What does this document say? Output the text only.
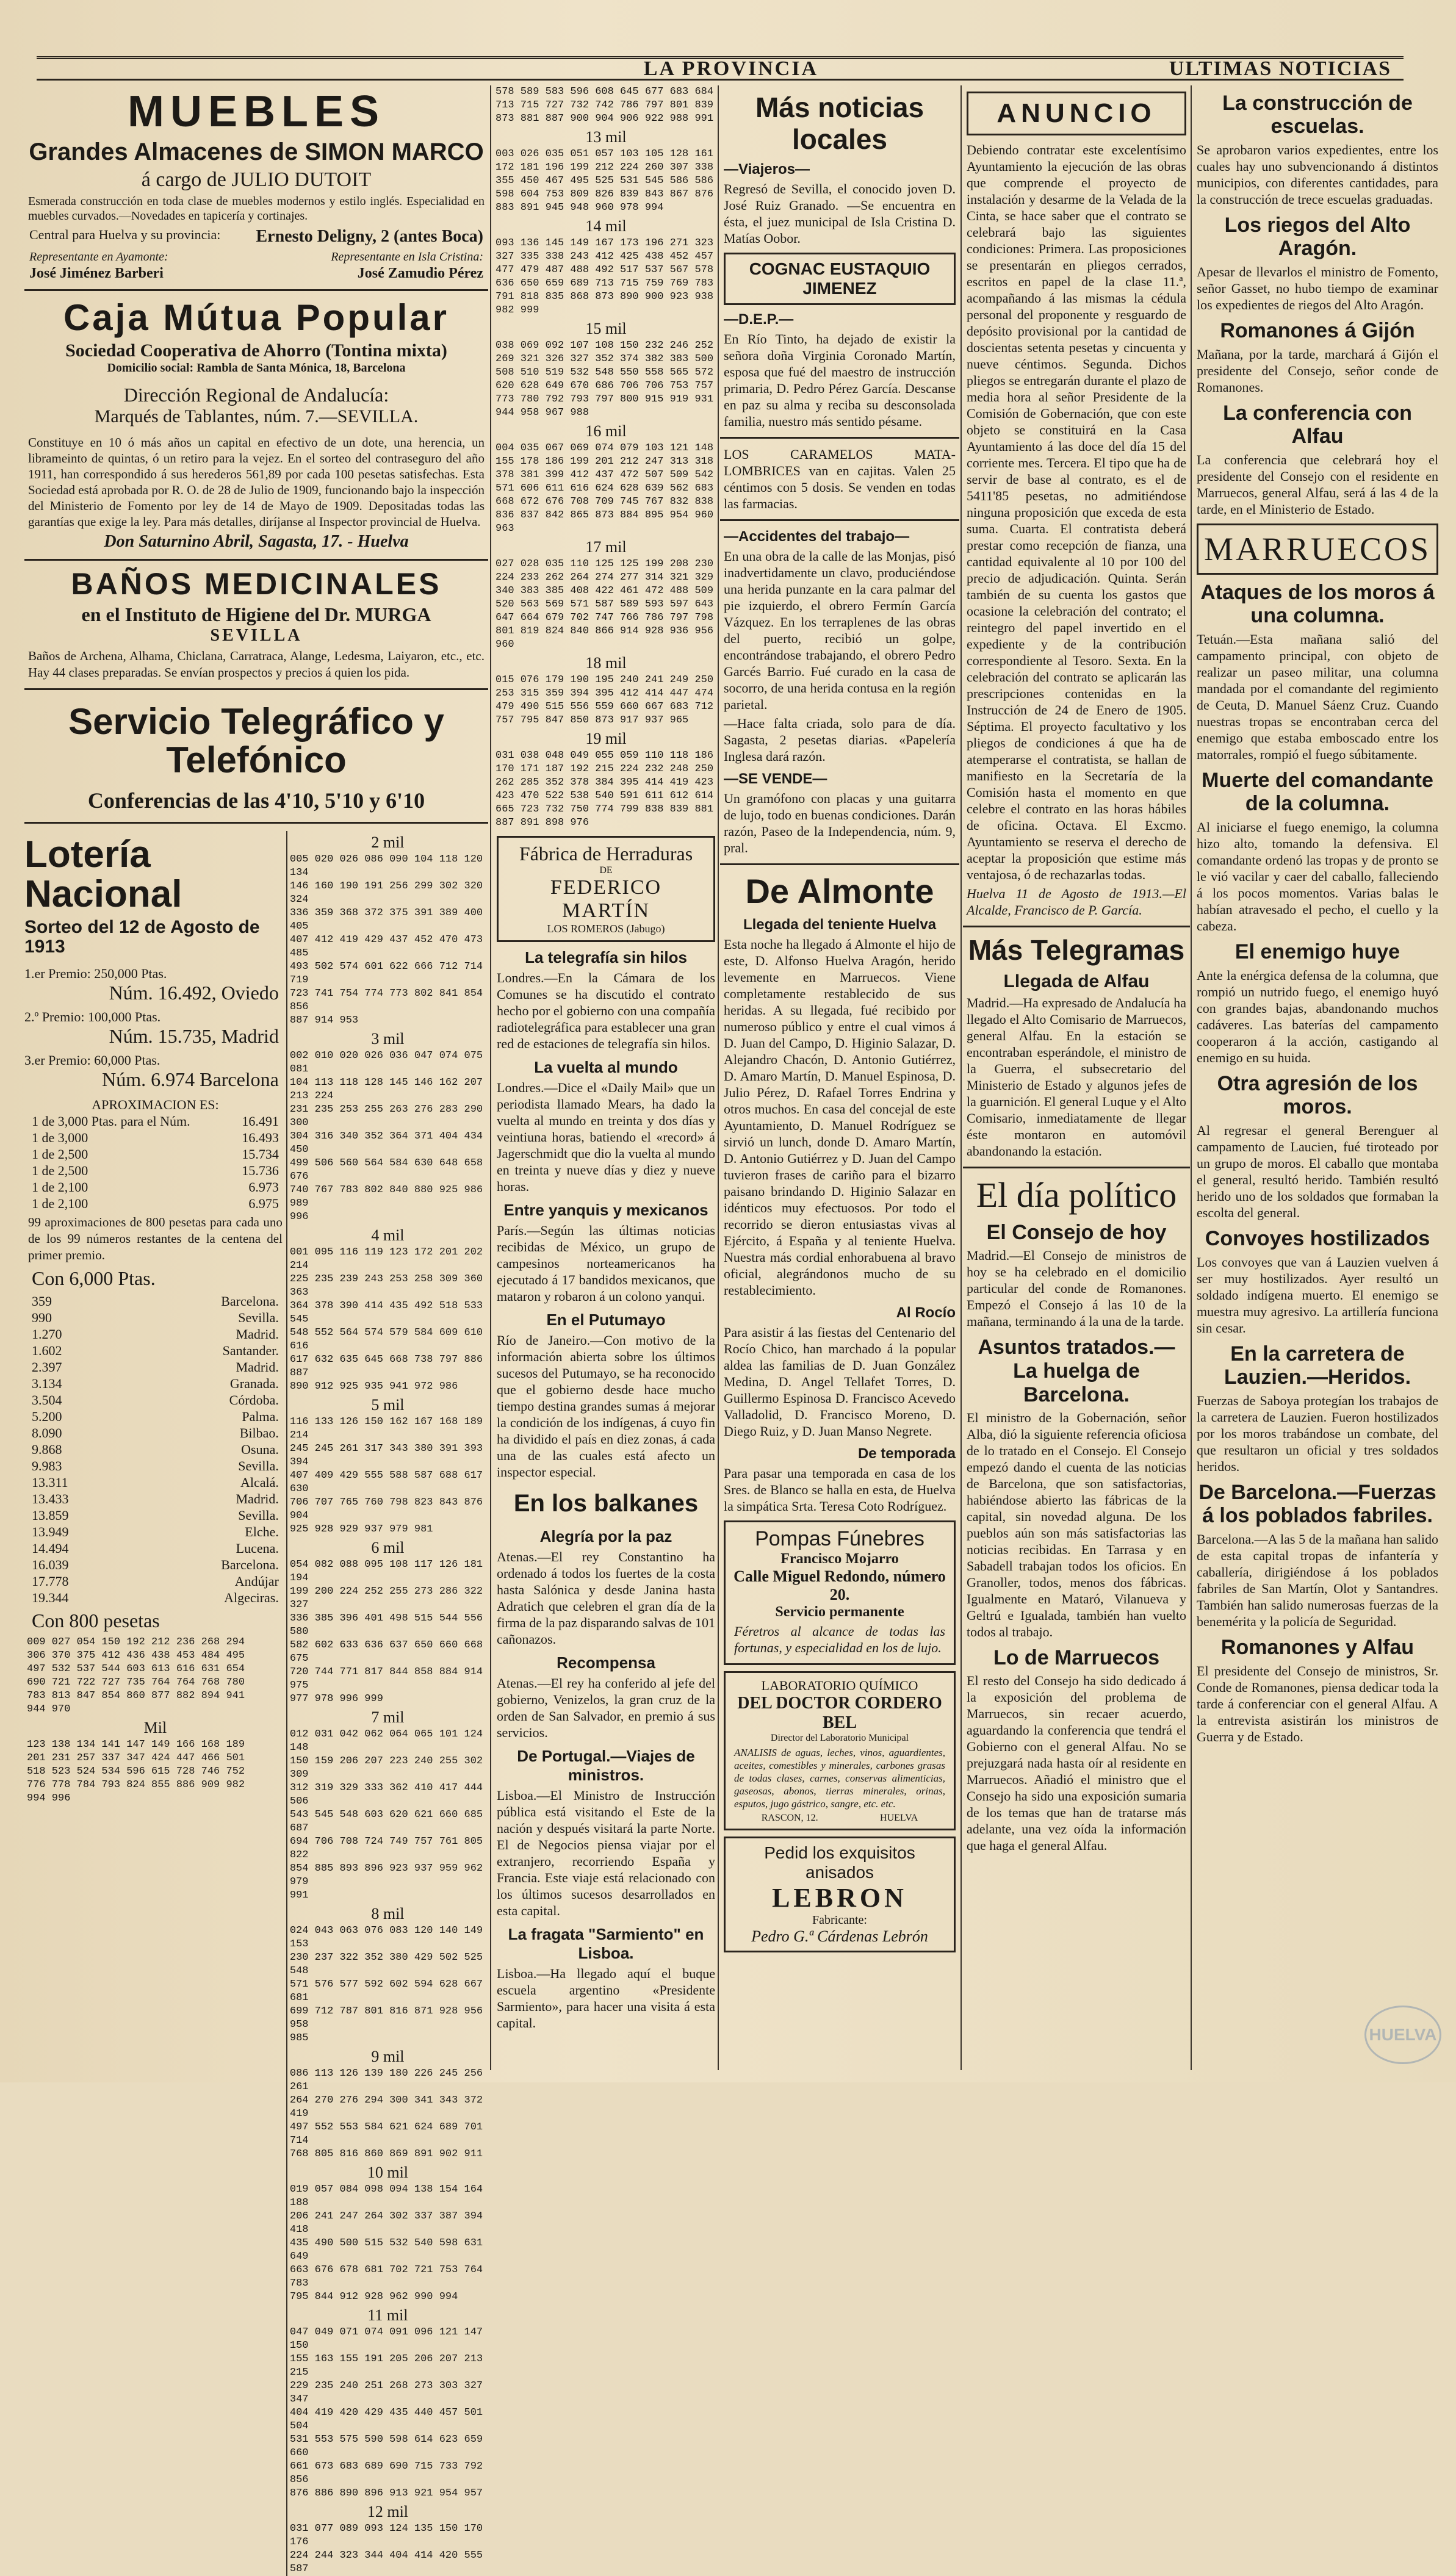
LA PROVINCIA	ULTIMAS NOTICIAS
MUEBLES
Grandes Almacenes de SIMON MARCO
á cargo de JULIO DUTOIT
Esmerada construcción en toda clase de muebles modernos y estilo inglés. Especialidad en muebles curvados.—Novedades en tapicería y cortinajes.
Central para Huelva y su provincia: Ernesto Deligny, 2 (antes Boca)
Representante en Ayamonte:	Representante en Isla Cristina:
José Jiménez Barberi	José Zamudio Pérez
Caja Mútua Popular
Sociedad Cooperativa de Ahorro (Tontina mixta)
Domicilio social: Rambla de Santa Mónica, 18, Barcelona
Dirección Regional de Andalucía:
Marqués de Tablantes, núm. 7.—SEVILLA.
Constituye en 10 ó más años un capital en efectivo de un dote, una herencia, un librameinto de quintas, ó un retiro para la vejez. En el sorteo del contraseguro del año 1911, han correspondido á sus herederos 561,89 por cada 100 pesetas satisfechas. Esta Sociedad está aprobada por R. O. de 28 de Julio de 1909, funcionando bajo la inspección del Ministerio de Fomento por ley de 14 de Mayo de 1909. Depositadas todas las garantías que exige la ley. Para más detalles, diríjanse al Inspector provincial de Huelva.
Don Saturnino Abril, Sagasta, 17. - Huelva
BAÑOS MEDICINALES
en el Instituto de Higiene del Dr. MURGA
SEVILLA
Baños de Archena, Alhama, Chiclana, Carratraca, Alange, Ledesma, Laiyaron, etc., etc. Hay 44 clases preparadas. Se envían prospectos y precios á quien los pida.
Servicio Telegráfico y Telefónico
Conferencias de las 4'10, 5'10 y 6'10
Lotería Nacional
Sorteo del 12 de Agosto de 1913
1.er Premio: 250,000 Ptas.
Núm. 16.492, Oviedo
2.º Premio: 100,000 Ptas.
Núm. 15.735, Madrid
3.er Premio: 60,000 Ptas.
Núm. 6.974 Barcelona
APROXIMACION ES:
1 de 3,000 Ptas. para el Núm.	16.491
1 de 3,000	16.493
1 de 2,500	15.734
1 de 2,500	15.736
1 de 2,100	6.973
1 de 2,100	6.975
99 aproximaciones de 800 pesetas para cada uno de los 99 números restantes de la centena del primer premio.
Con 6,000 Ptas.
359	Barcelona.
990	Sevilla.
1.270	Madrid.
1.602	Santander.
2.397	Madrid.
3.134	Granada.
3.504	Córdoba.
5.200	Palma.
8.090	Bilbao.
9.868	Osuna.
9.983	Sevilla.
13.311	Alcalá.
13.433	Madrid.
13.859	Sevilla.
13.949	Elche.
14.494	Lucena.
16.039	Barcelona.
17.778	Andújar
19.344	Algeciras.
Con 800 pesetas
009 027 054 150 192 212 236 268 294
306 370 375 412 436 438 453 484 495
497 532 537 544 603 613 616 631 654
690 721 722 727 735 764 764 768 780
783 813 847 854 860 877 882 894 941
944 970
Mil
123 138 134 141 147 149 166 168 189
201 231 257 337 347 424 447 466 501
518 523 524 534 596 615 728 746 752
776 778 784 793 824 855 886 909 982
994 996
2 mil
005 020 026 086 090 104 118 120 134
146 160 190 191 256 299 302 320 324
336 359 368 372 375 391 389 400 405
407 412 419 429 437 452 470 473 485
493 502 574 601 622 666 712 714 719
723 741 754 774 773 802 841 854 856
887 914 953
3 mil
002 010 020 026 036 047 074 075 081
104 113 118 128 145 146 162 207 213 224
231 235 253 255 263 276 283 290 300
304 316 340 352 364 371 404 434 450
499 506 560 564 584 630 648 658 676
740 767 783 802 840 880 925 986 989
996
4 mil
001 095 116 119 123 172 201 202 214
225 235 239 243 253 258 309 360 363
364 378 390 414 435 492 518 533 545
548 552 564 574 579 584 609 610 616
617 632 635 645 668 738 797 886 887
890 912 925 935 941 972 986
5 mil
116 133 126 150 162 167 168 189 214
245 245 261 317 343 380 391 393 394
407 409 429 555 588 587 688 617 630
706 707 765 760 798 823 843 876 904
925 928 929 937 979 981
6 mil
054 082 088 095 108 117 126 181 194
199 200 224 252 255 273 286 322 327
336 385 396 401 498 515 544 556 580
582 602 633 636 637 650 660 668 675
720 744 771 817 844 858 884 914 975
977 978 996 999
7 mil
012 031 042 062 064 065 101 124 148
150 159 206 207 223 240 255 302 309
312 319 329 333 362 410 417 444 506
543 545 548 603 620 621 660 685 687
694 706 708 724 749 757 761 805 822
854 885 893 896 923 937 959 962 979
991
8 mil
024 043 063 076 083 120 140 149 153
230 237 322 352 380 429 502 525 548
571 576 577 592 602 594 628 667 681
699 712 787 801 816 871 928 956 958
985
9 mil
086 113 126 139 180 226 245 256 261
264 270 276 294 300 341 343 372 419
497 552 553 584 621 624 689 701 714
768 805 816 860 869 891 902 911
10 mil
019 057 084 098 094 138 154 164 188
206 241 247 264 302 337 387 394 418
435 490 500 515 532 540 598 631 649
663 676 678 681 702 721 753 764 783
795 844 912 928 962 990 994
11 mil
047 049 071 074 091 096 121 147 150
155 163 155 191 205 206 207 213 215
229 235 240 251 268 273 303 327 347
404 419 420 429 435 440 457 501 504
531 553 575 590 598 614 623 659 660
661 673 683 689 690 715 733 792 856
876 886 890 896 913 921 954 957
12 mil
031 077 089 093 124 135 150 170 176
224 244 323 344 404 414 420 555 587
578 589 583 596 608 645 677 683 684
713 715 727 732 742 786 797 801 839
873 881 887 900 904 906 922 988 991
13 mil
003 026 035 051 057 103 105 128 161
172 181 196 199 212 224 260 307 338
355 450 467 495 525 531 545 586 586
598 604 753 809 826 839 843 867 876
883 891 945 948 960 978 994
14 mil
093 136 145 149 167 173 196 271 323
327 335 338 243 412 425 438 452 457
477 479 487 488 492 517 537 567 578
636 650 659 689 713 715 759 769 783
791 818 835 868 873 890 900 923 938
982 999
15 mil
038 069 092 107 108 150 232 246 252
269 321 326 327 352 374 382 383 500
508 510 519 532 548 550 558 565 572
620 628 649 670 686 706 706 753 757
773 780 792 793 797 800 915 919 931
944 958 967 988
16 mil
004 035 067 069 074 079 103 121 148
155 178 186 199 201 212 247 313 318
378 381 399 412 437 472 507 509 542
571 606 611 616 624 628 639 562 683
668 672 676 708 709 745 767 832 838
836 837 842 865 873 884 895 954 960
963
17 mil
027 028 035 110 125 125 199 208 230
224 233 262 264 274 277 314 321 329
340 383 385 408 422 461 472 488 509
520 563 569 571 587 589 593 597 643
647 664 679 702 747 766 786 797 798
801 819 824 840 866 914 928 936 956
960
18 mil
015 076 179 190 195 240 241 249 250
253 315 359 394 395 412 414 447 474
479 490 515 556 559 660 667 683 712
757 795 847 850 873 917 937 965
19 mil
031 038 048 049 055 059 110 118 186
170 171 187 192 215 224 232 248 250
262 285 352 378 384 395 414 419 423
423 470 522 538 540 591 611 612 614
665 723 732 750 774 799 838 839 881
887 891 898 976
Fábrica de Herraduras
DE
FEDERICO MARTÍN
LOS ROMEROS (Jabugo)
La telegrafía sin hilos
Londres.—En la Cámara de los Comunes se ha discutido el contrato hecho por el gobierno con una compañía radiotelegráfica para establecer una gran red de estaciones de telegrafía sin hilos.
La vuelta al mundo
Londres.—Dice el «Daily Mail» que un periodista llamado Mears, ha dado la vuelta al mundo en treinta y dos días y veintiuna horas, batiendo el «record» á Jagerschmidt que dio la vuelta al mundo en treinta y nueve días y diez y nueve horas.
Entre yanquis y mexicanos
París.—Según las últimas noticias recibidas de México, un grupo de campesinos norteamericanos ha ejecutado á 17 bandidos mexicanos, que mataron y robaron á un colono yanqui.
En el Putumayo
Río de Janeiro.—Con motivo de la información abierta sobre los últimos sucesos del Putumayo, se ha reconocido que el gobierno desde hace mucho tiempo destina grandes sumas á mejorar la condición de los indígenas, á cuyo fin ha dividido el país en diez zonas, á cada una de las cuales está afecto un inspector especial.
En los balkanes
Alegría por la paz
Atenas.—El rey Constantino ha ordenado á todos los fuertes de la costa hasta Salónica y desde Janina hasta Adratich que celebren el gran día de la firma de la paz disparando salvas de 101 cañonazos.
Recompensa
Atenas.—El rey ha conferido al jefe del gobierno, Venizelos, la gran cruz de la orden de San Salvador, en premio á sus servicios.
De Portugal.—Viajes de ministros.
Lisboa.—El Ministro de Instrucción pública está visitando el Este de la nación y después visitará la parte Norte. El de Negocios piensa viajar por el extranjero, recorriendo España y Francia. Este viaje está relacionado con los últimos sucesos desarrollados en esta capital.
La fragata "Sarmiento" en Lisboa.
Lisboa.—Ha llegado aquí el buque escuela argentino «Presidente Sarmiento», para hacer una visita á esta capital.
Más noticias locales
—Viajeros—
Regresó de Sevilla, el conocido joven D. José Ruiz Granado. —Se encuentra en ésta, el juez municipal de Isla Cristina D. Matías Oobor.
COGNAC EUSTAQUIO JIMENEZ
—D.E.P.—
En Río Tinto, ha dejado de existir la señora doña Virginia Coronado Martín, esposa que fué del maestro de instrucción primaria, D. Pedro Pérez García. Descanse en paz su alma y reciba su desconsolada familia, nuestro más sentido pésame.
LOS CARAMELOS MATA-LOMBRICES van en cajitas. Valen 25 céntimos con 5 dosis. Se venden en todas las farmacias.
—Accidentes del trabajo—
En una obra de la calle de las Monjas, pisó inadvertidamente un clavo, produciéndose una herida punzante en la cara palmar del pie izquierdo, el obrero Fermín García Vázquez. En los terraplenes de las obras del puerto, recibió un golpe, encontrándose trabajando, el obrero Pedro Garcés Barrio. Fué curado en la casa de socorro, de una herida contusa en la región parietal.
—Hace falta criada, solo para de día. Sagasta, 2 pesetas diarias. «Papelería Inglesa dará razón.
—SE VENDE—
Un gramófono con placas y una guitarra de lujo, todo en buenas condiciones. Darán razón, Paseo de la Independencia, núm. 9, pral.
De Almonte
Llegada del teniente Huelva
Esta noche ha llegado á Almonte el hijo de este, D. Alfonso Huelva Aragón, herido levemente en Marruecos. Viene completamente restablecido de sus heridas. A su llegada, fué recibido por numeroso público y entre el cual vimos á D. Juan del Campo, D. Higinio Salazar, D. Alejandro Chacón, D. Antonio Gutiérrez, D. Amaro Martín, D. Manuel Espinosa, D. Julio Pérez, D. Rafael Torres Endrina y otros muchos. En casa del concejal de este Ayuntamiento, D. Manuel Rodríguez se sirvió un lunch, donde D. Amaro Martín, D. Antonio Gutiérrez y D. Juan del Campo tuvieron frases de cariño para el bizarro paisano brindando D. Higinio Salazar en idénticos muy efectuosos. Por todo el recorrido se dieron entusiastas vivas al Ejército, á España y al teniente Huelva. Nuestra más cordial enhorabuena al bravo oficial, alegrándonos mucho de su restablecimiento.
Al Rocío
Para asistir á las fiestas del Centenario del Rocío Chico, han marchado á la popular aldea las familias de D. Juan González Medina, D. Angel Tellafet Torres, D. Guillermo Espinosa D. Francisco Acevedo Valladolid, D. Francisco Moreno, D. Diego Ruiz, y D. Juan Manso Negrete.
De temporada
Para pasar una temporada en casa de los Sres. de Blanco se halla en esta, de Huelva la simpática Srta. Teresa Coto Rodríguez.
Pompas Fúnebres
Francisco Mojarro
Calle Miguel Redondo, número 20.
Servicio permanente
Féretros al alcance de todas las fortunas, y especialidad en los de lujo.
LABORATORIO QUÍMICO
DEL DOCTOR CORDERO BEL
Director del Laboratorio Municipal
ANALISIS de aguas, leches, vinos, aguardientes, aceites, comestibles y minerales, carbones grasas de todas clases, carnes, conservas alimenticias, gaseosas, abonos, tierras minerales, orinas, esputos, jugo gástrico, sangre, etc. etc.
RASCON, 12.	HUELVA
Pedid los exquisitos anisados
LEBRON
Fabricante:
Pedro G.ª Cárdenas Lebrón
ANUNCIO
Debiendo contratar este excelentísimo Ayuntamiento la ejecución de las obras que comprende el proyecto de instalación y desarme de la Velada de la Cinta, se hace saber que el contrato se celebrará bajo las siguientes condiciones: Primera. Las proposiciones se presentarán en pliegos cerrados, escritos en papel de la clase 11.ª, acompañando á las mismas la cédula personal del proponente y resguardo de depósito provisional por la cantidad de doscientas setenta pesetas y cincuenta y nueve céntimos. Segunda. Dichos pliegos se entregarán durante el plazo de media hora al señor Presidente de la Comisión de Gobernación, que con este objeto se constituirá en la Casa Ayuntamiento á las doce del día 15 del corriente mes. Tercera. El tipo que ha de servir de base al contrato, es el de 5411'85 pesetas, no admitiéndose ninguna proposición que exceda de esta suma. Cuarta. El contratista deberá prestar como recepción de fianza, una cantidad equivalente al 10 por 100 del precio de adjudicación. Quinta. Serán también de su cuenta los gastos que ocasione la celebración del contrato; el reintegro del papel invertido en el expediente y de la contribución correspondiente al Tesoro. Sexta. En la celebración del contrato se aplicarán las prescripciones contenidas en la Instrucción de 24 de Enero de 1905. Séptima. El proyecto facultativo y los pliegos de condiciones á que ha de atemperarse el contratista, se hallan de manifiesto en la Secretaría de la Comisión hasta el momento en que celebre el contrato en las horas hábiles de oficina. Octava. El Excmo. Ayuntamiento se reserva el derecho de aceptar la proposición que estime más ventajosa, ó de rechazarlas todas.
Huelva 11 de Agosto de 1913.—El Alcalde, Francisco de P. García.
Más Telegramas
Llegada de Alfau
Madrid.—Ha expresado de Andalucía ha llegado el Alto Comisario de Marruecos, general Alfau. En la estación se encontraban esperándole, el ministro de la Guerra, el subsecretario del Ministerio de Estado y algunos jefes de la guarnición. El general Luque y el Alto Comisario, inmediatamente de llegar éste montaron en automóvil abandonando la estación.
El día político
El Consejo de hoy
Madrid.—El Consejo de ministros de hoy se ha celebrado en el domicilio particular del conde de Romanones. Empezó el Consejo á las 10 de la mañana, terminando á la una de la tarde.
Asuntos tratados.— La huelga de Barcelona.
El ministro de la Gobernación, señor Alba, dió la siguiente referencia oficiosa de lo tratado en el Consejo. El Consejo empezó dando el cuenta de las noticias de Barcelona, que son satisfactorias, habiéndose abierto las fábricas de la capital, sin novedad alguna. De los pueblos aún son más satisfactorias las noticias recibidas. En Tarrasa y en Sabadell trabajan todos los oficios. En Granoller, todos, menos dos fábricas. Igualmente en Mataró, Vilanueva y Geltrú e Igualada, también han vuelto todos al trabajo.
Lo de Marruecos
El resto del Consejo ha sido dedicado á la exposición del problema de Marruecos, sin recaer acuerdo, aguardando la conferencia que tendrá el Gobierno con el general Alfau. No se prejuzgará nada hasta oír al residente en Marruecos. Añadió el ministro que el Consejo ha sido una exposición sumaria de los temas que han de tratarse más adelante, una vez oída la información que haga el general Alfau.
La construcción de escuelas.
Se aprobaron varios expedientes, entre los cuales hay uno subvencionando á distintos municipios, con diferentes cantidades, para la construcción de trece escuelas graduadas.
Los riegos del Alto Aragón.
Apesar de llevarlos el ministro de Fomento, señor Gasset, no hubo tiempo de examinar los expedientes de riegos del Alto Aragón.
Romanones á Gijón
Mañana, por la tarde, marchará á Gijón el presidente del Consejo, señor conde de Romanones.
La conferencia con Alfau
La conferencia que celebrará hoy el presidente del Consejo con el residente en Marruecos, general Alfau, será á las 4 de la tarde, en el Ministerio de Estado.
MARRUECOS
Ataques de los moros á una columna.
Tetuán.—Esta mañana salió del campamento principal, con objeto de realizar un paseo militar, una columna mandada por el comandante del regimiento de Ceuta, D. Manuel Sáenz Cruz. Cuando nuestras tropas se encontraban cerca del enemigo que estaba emboscado entre los matorrales, rompió el fuego súbitamente.
Muerte del comandante de la columna.
Al iniciarse el fuego enemigo, la columna hizo alto, tomando la defensiva. El comandante ordenó las tropas y de pronto se le vió vacilar y caer del caballo, falleciendo á los pocos momentos. Varias balas le habían atravesado el pecho, el cuello y la cabeza.
El enemigo huye
Ante la enérgica defensa de la columna, que rompió un nutrido fuego, el enemigo huyó con grandes bajas, abandonando muchos cadáveres. Las baterías del campamento cooperaron á la acción, castigando al enemigo en su huida.
Otra agresión de los moros.
Al regresar el general Berenguer al campamento de Laucien, fué tiroteado por un grupo de moros. El caballo que montaba el general, resultó herido. También resultó herido uno de los soldados que formaban la escolta del general.
Convoyes hostilizados
Los convoyes que van á Lauzien vuelven á ser muy hostilizados. Ayer resultó un soldado indígena muerto. El enemigo se muestra muy agresivo. La artillería funciona sin cesar.
En la carretera de Lauzien.—Heridos.
Fuerzas de Saboya protegían los trabajos de la carretera de Lauzien. Fueron hostilizados por los moros trabándose un combate, del que resultaron un oficial y tres soldados heridos.
De Barcelona.—Fuerzas á los poblados fabriles.
Barcelona.—A las 5 de la mañana han salido de esta capital tropas de infantería y caballería, dirigiéndose á los poblados fabriles de San Martín, Olot y Santandres. También han salido numerosas fuerzas de la benemérita y la policía de Seguridad.
Romanones y Alfau
El presidente del Consejo de ministros, Sr. Conde de Romanones, piensa dedicar toda la tarde á conferenciar con el general Alfau. A la entrevista asistirán los ministros de Guerra y de Estado.
HUELVA
